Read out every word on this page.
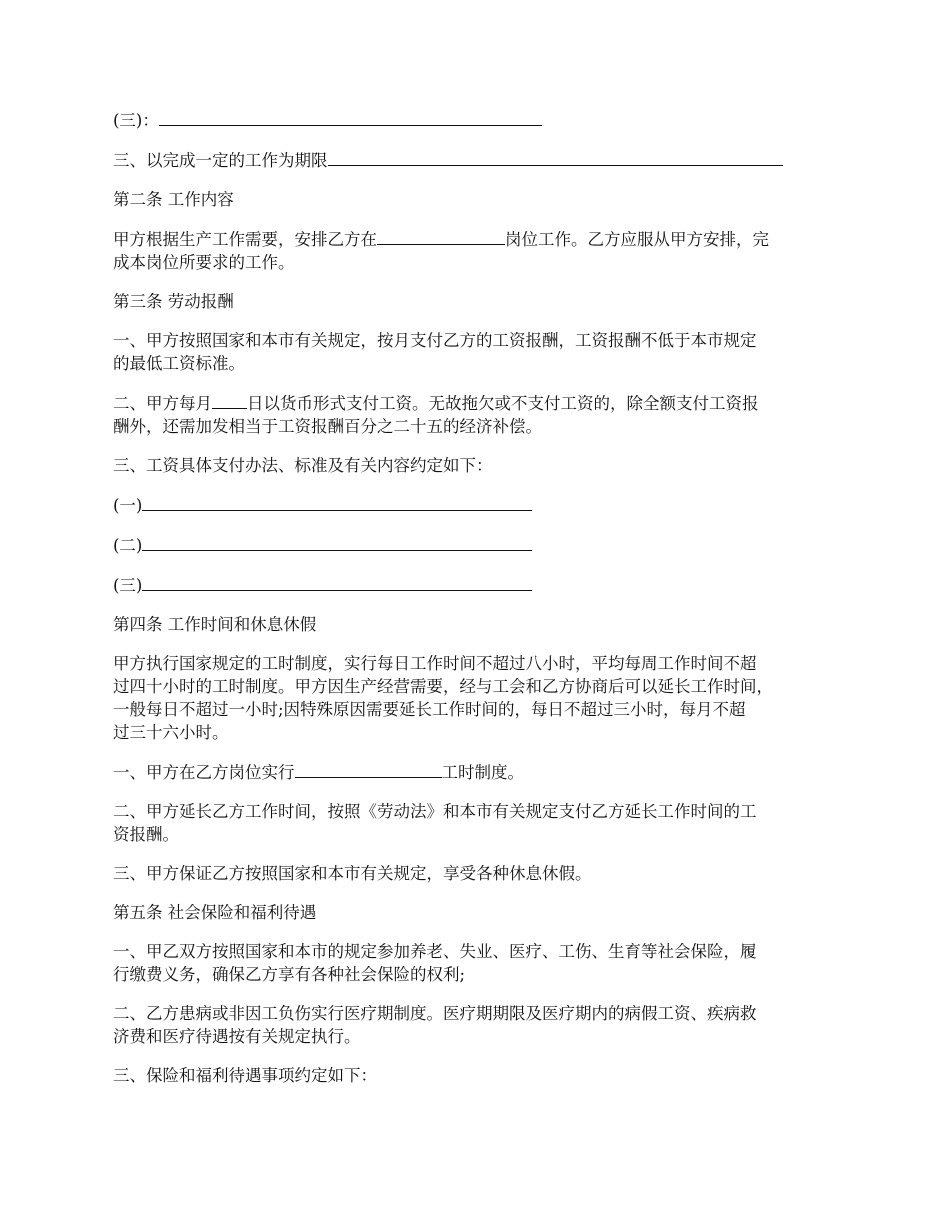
(三)：

三、以完成一定的工作为期限

第二条 工作内容

甲方根据生产工作需要，安排乙方在	岗位工作。乙方应服从甲方安排，完
成本岗位所要求的工作。

第三条 劳动报酬

一、甲方按照国家和本市有关规定，按月支付乙方的工资报酬，工资报酬不低于本市规定
的最低工资标准。

二、甲方每月 日以货币形式支付工资。无故拖欠或不支付工资的，除全额支付工资报
酬外，还需加发相当于工资报酬百分之二十五的经济补偿。

三、工资具体支付办法、标准及有关内容约定如下：

(一)

(二)

(三)

第四条 工作时间和休息休假

甲方执行国家规定的工时制度，实行每日工作时间不超过八小时，平均每周工作时间不超
过四十小时的工时制度。甲方因生产经营需要，经与工会和乙方协商后可以延长工作时间，
一般每日不超过一小时;因特殊原因需要延长工作时间的，每日不超过三小时，每月不超
过三十六小时。

一、甲方在乙方岗位实行	工时制度。

二、甲方延长乙方工作时间，按照《劳动法》和本市有关规定支付乙方延长工作时间的工
资报酬。

三、甲方保证乙方按照国家和本市有关规定，享受各种休息休假。

第五条 社会保险和福利待遇

一、甲乙双方按照国家和本市的规定参加养老、失业、医疗、工伤、生育等社会保险，履
行缴费义务，确保乙方享有各种社会保险的权利;

二、乙方患病或非因工负伤实行医疗期制度。医疗期期限及医疗期内的病假工资、疾病救
济费和医疗待遇按有关规定执行。

三、保险和福利待遇事项约定如下：
